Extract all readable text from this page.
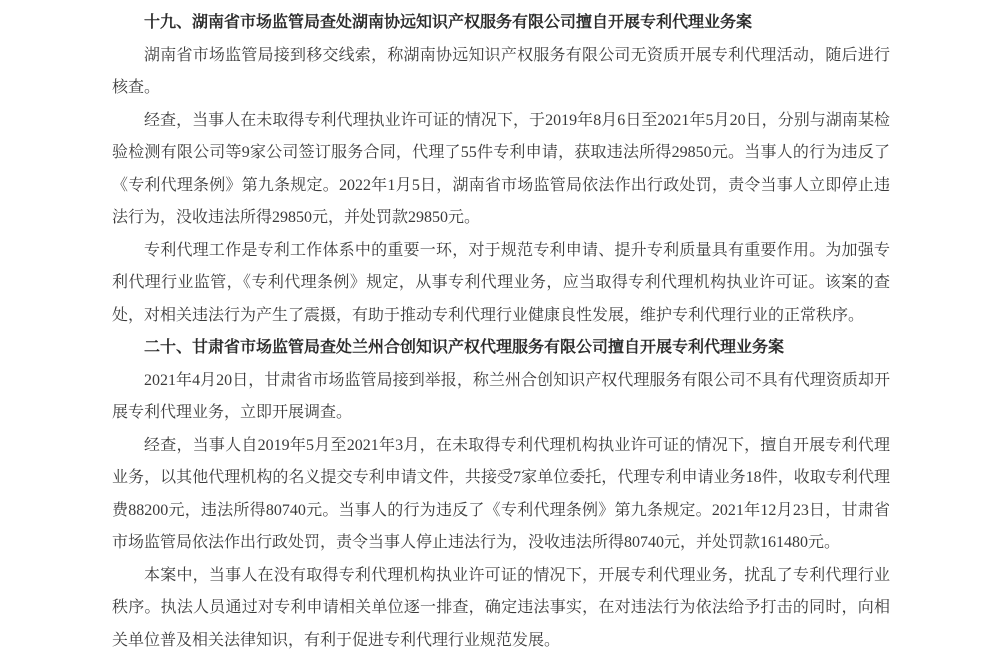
十九、湖南省市场监管局查处湖南协远知识产权服务有限公司擅自开展专利代理业务案

湖南省市场监管局接到移交线索，称湖南协远知识产权服务有限公司无资质开展专利代理活动，随后进行核查。

经查，当事人在未取得专利代理执业许可证的情况下，于2019年8月6日至2021年5月20日，分别与湖南某检验检测有限公司等9家公司签订服务合同，代理了55件专利申请，获取违法所得29850元。当事人的行为违反了《专利代理条例》第九条规定。2022年1月5日，湖南省市场监管局依法作出行政处罚，责令当事人立即停止违法行为，没收违法所得29850元，并处罚款29850元。

专利代理工作是专利工作体系中的重要一环，对于规范专利申请、提升专利质量具有重要作用。为加强专利代理行业监管，《专利代理条例》规定，从事专利代理业务，应当取得专利代理机构执业许可证。该案的查处，对相关违法行为产生了震摄，有助于推动专利代理行业健康良性发展，维护专利代理行业的正常秩序。

二十、甘肃省市场监管局查处兰州合创知识产权代理服务有限公司擅自开展专利代理业务案

2021年4月20日，甘肃省市场监管局接到举报，称兰州合创知识产权代理服务有限公司不具有代理资质却开展专利代理业务，立即开展调查。

经查，当事人自2019年5月至2021年3月，在未取得专利代理机构执业许可证的情况下，擅自开展专利代理业务，以其他代理机构的名义提交专利申请文件，共接受7家单位委托，代理专利申请业务18件，收取专利代理费88200元，违法所得80740元。当事人的行为违反了《专利代理条例》第九条规定。2021年12月23日，甘肃省市场监管局依法作出行政处罚，责令当事人停止违法行为，没收违法所得80740元，并处罚款161480元。

本案中，当事人在没有取得专利代理机构执业许可证的情况下，开展专利代理业务，扰乱了专利代理行业秩序。执法人员通过对专利申请相关单位逐一排查，确定违法事实，在对违法行为依法给予打击的同时，向相关单位普及相关法律知识，有利于促进专利代理行业规范发展。
